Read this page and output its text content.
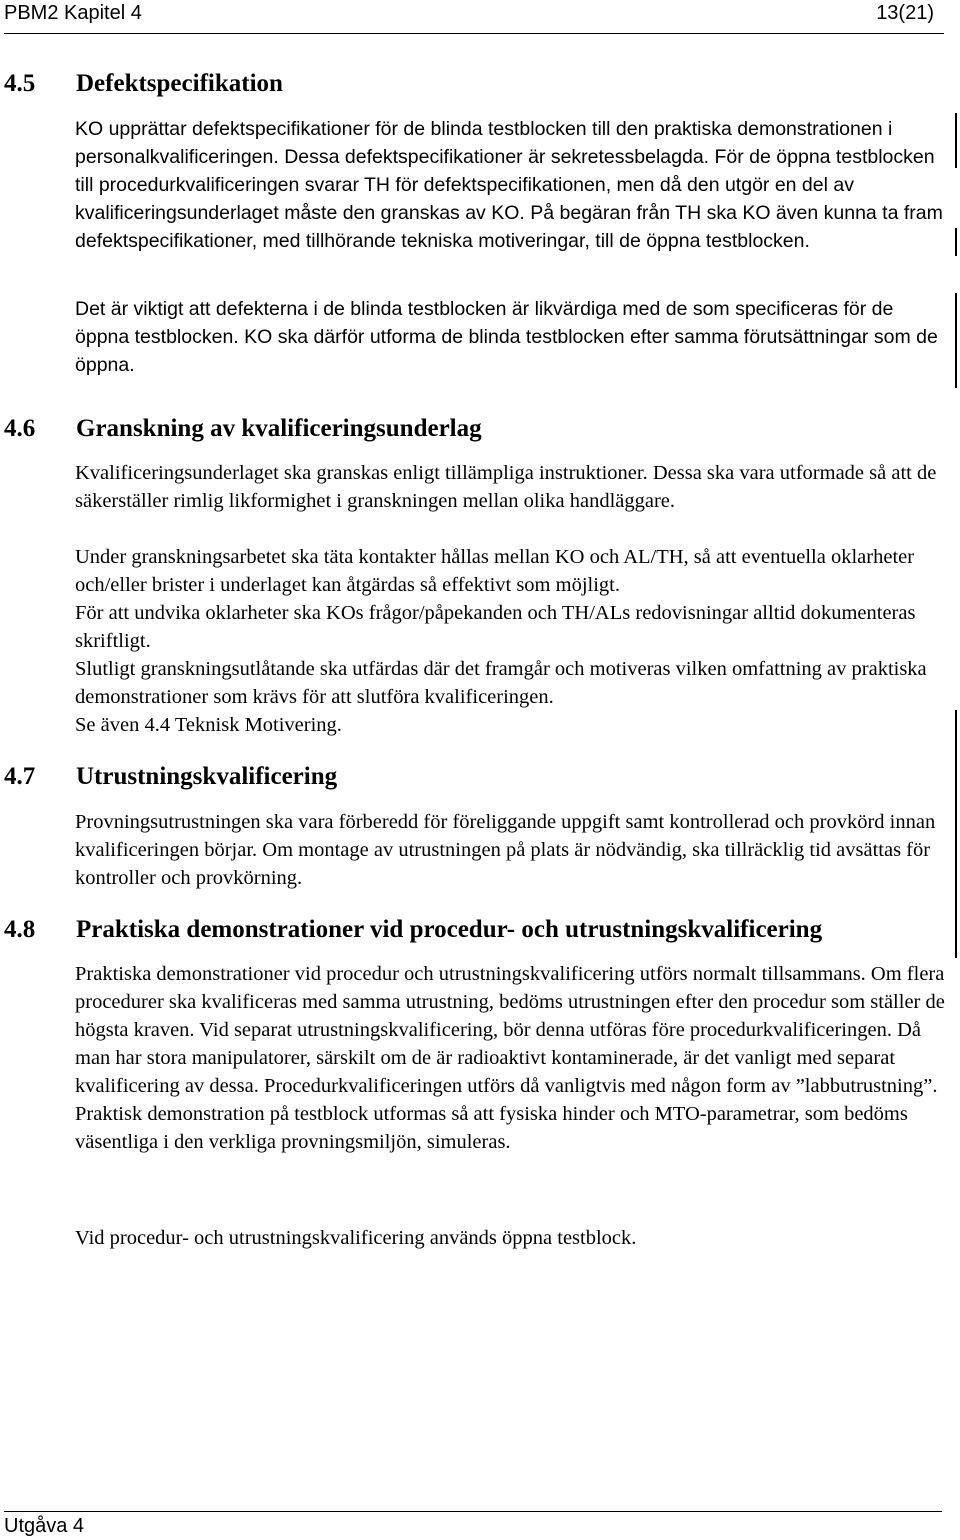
PBM2 Kapitel 4	13(21)
4.5 Defektspecifikation
KO upprättar defektspecifikationer för de blinda testblocken till den praktiska demonstrationen i personalkvalificeringen. Dessa defektspecifikationer är sekretessbelagda. För de öppna testblocken till procedurkvalificeringen svarar TH för defektspecifikationen, men då den utgör en del av kvalificeringsunderlaget måste den granskas av KO. På begäran från TH ska KO även kunna ta fram defektspecifikationer, med tillhörande tekniska motiveringar, till de öppna testblocken.
Det är viktigt att defekterna i de blinda testblocken är likvärdiga med de som specificeras för de öppna testblocken. KO ska därför utforma de blinda testblocken efter samma förutsättningar som de öppna.
4.6 Granskning av kvalificeringsunderlag
Kvalificeringsunderlaget ska granskas enligt tillämpliga instruktioner. Dessa ska vara utformade så att de säkerställer rimlig likformighet i granskningen mellan olika handläggare.
Under granskningsarbetet ska täta kontakter hållas mellan KO och AL/TH, så att eventuella oklarheter och/eller brister i underlaget kan åtgärdas så effektivt som möjligt.
För att undvika oklarheter ska KOs frågor/påpekanden och TH/ALs redovisningar alltid dokumenteras skriftligt.
Slutligt granskningsutlåtande ska utfärdas där det framgår och motiveras vilken omfattning av praktiska demonstrationer som krävs för att slutföra kvalificeringen.
Se även 4.4 Teknisk Motivering.
4.7 Utrustningskvalificering
Provningsutrustningen ska vara förberedd för föreliggande uppgift samt kontrollerad och provkörd innan kvalificeringen börjar. Om montage av utrustningen på plats är nödvändig, ska tillräcklig tid avsättas för kontroller och provkörning.
4.8 Praktiska demonstrationer vid procedur- och utrustningskvalificering
Praktiska demonstrationer vid procedur och utrustningskvalificering utförs normalt tillsammans. Om flera procedurer ska kvalificeras med samma utrustning, bedöms utrustningen efter den procedur som ställer de högsta kraven. Vid separat utrustningskvalificering, bör denna utföras före procedurkvalificeringen. Då man har stora manipulatorer, särskilt om de är radioaktivt kontaminerade, är det vanligt med separat kvalificering av dessa. Procedurkvalificeringen utförs då vanligtvis med någon form av ”labbutrustning”. Praktisk demonstration på testblock utformas så att fysiska hinder och MTO-parametrar, som bedöms väsentliga i den verkliga provningsmiljön, simuleras.
Vid procedur- och utrustningskvalificering används öppna testblock.
Utgåva 4
